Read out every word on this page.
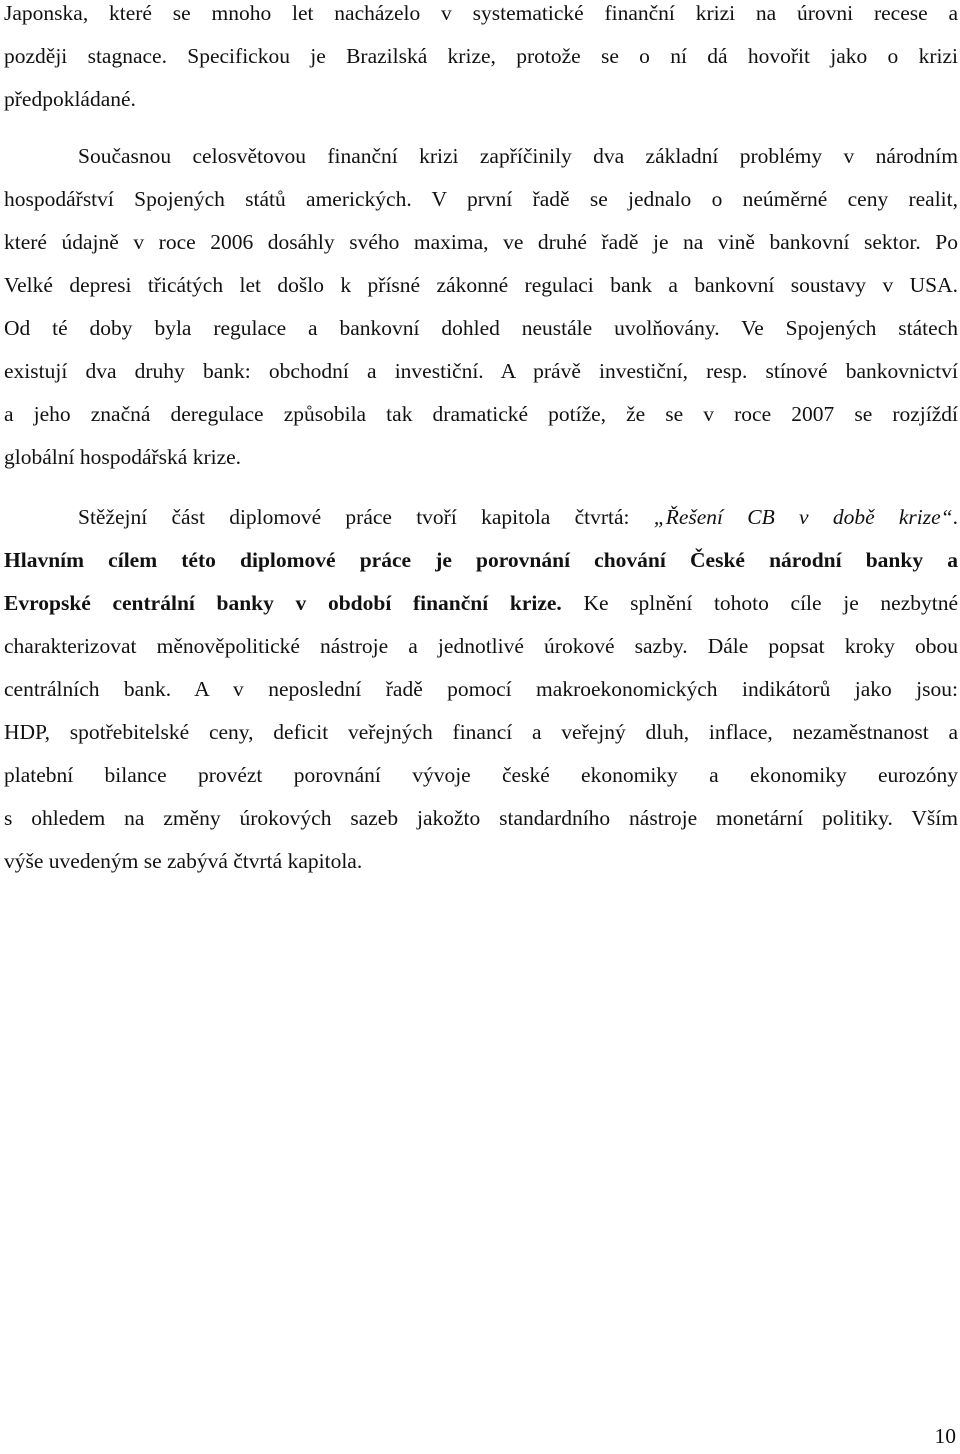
Japonska, které se mnoho let nacházelo v systematické finanční krizi na úrovni recese a
později stagnace. Specifickou je Brazilská krize, protože se o ní dá hovořit jako o krizi
předpokládané.
Současnou celosvětovou finanční krizi zapříčinily dva základní problémy v národním
hospodářství Spojených států amerických. V první řadě se jednalo o neúměrné ceny realit,
které údajně v roce 2006 dosáhly svého maxima, ve druhé řadě je na vině bankovní sektor. Po
Velké depresi třicátých let došlo k přísné zákonné regulaci bank a bankovní soustavy v USA.
Od té doby byla regulace a bankovní dohled neustále uvolňovány. Ve Spojených státech
existují dva druhy bank: obchodní a investiční. A právě investiční, resp. stínové bankovnictví
a jeho značná deregulace způsobila tak dramatické potíže, že se v roce 2007 se rozjíždí
globální hospodářská krize.
Stěžejní část diplomové práce tvoří kapitola čtvrtá: „Řešení CB v době krize“.
Hlavním cílem této diplomové práce je porovnání chování České národní banky a
Evropské centrální banky v období finanční krize. Ke splnění tohoto cíle je nezbytné
charakterizovat měnověpolitické nástroje a jednotlivé úrokové sazby. Dále popsat kroky obou
centrálních bank. A v neposlední řadě pomocí makroekonomických indikátorů jako jsou:
HDP, spotřebitelské ceny, deficit veřejných financí a veřejný dluh, inflace, nezaměstnanost a
platební bilance provézt porovnání vývoje české ekonomiky a ekonomiky eurozóny
s ohledem na změny úrokových sazeb jakožto standardního nástroje monetární politiky. Vším
výše uvedeným se zabývá čtvrtá kapitola.
10
